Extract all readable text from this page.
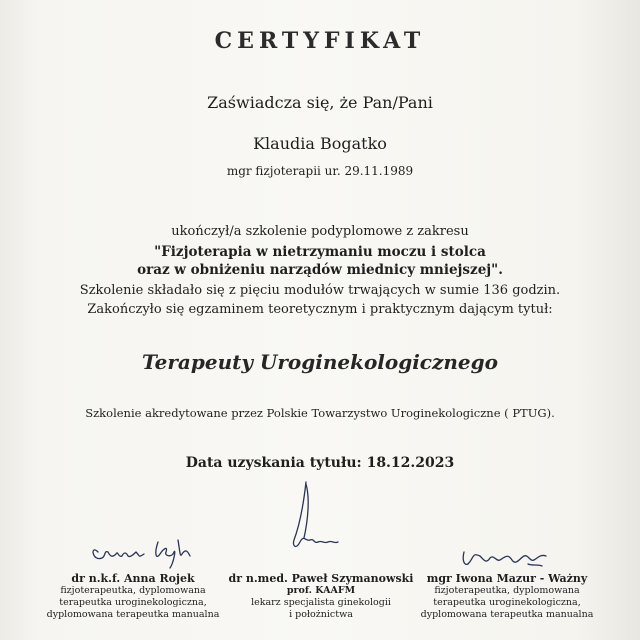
CERTYFIKAT
Zaświadcza się, że Pan/Pani
Klaudia Bogatko
mgr fizjoterapii ur. 29.11.1989
ukończył/a szkolenie podyplomowe z zakresu
"Fizjoterapia w nietrzymaniu moczu i stolca
oraz w obniżeniu narządów miednicy mniejszej".
Szkolenie składało się z pięciu modułów trwających w sumie 136 godzin.
Zakończyło się egzaminem teoretycznym i praktycznym dającym tytuł:
Terapeuty Uroginekologicznego
Szkolenie akredytowane przez Polskie Towarzystwo Uroginekologiczne ( PTUG).
Data uzyskania tytułu: 18.12.2023
dr n.k.f. Anna Rojek
fizjoterapeutka, dyplomowana
terapeutka uroginekologiczna,
dyplomowana terapeutka manualna
dr n.med. Paweł Szymanowski
prof. KAAFM
lekarz specjalista ginekologii
i położnictwa
mgr Iwona Mazur - Ważny
fizjoterapeutka, dyplomowana
terapeutka uroginekologiczna,
dyplomowana terapeutka manualna
